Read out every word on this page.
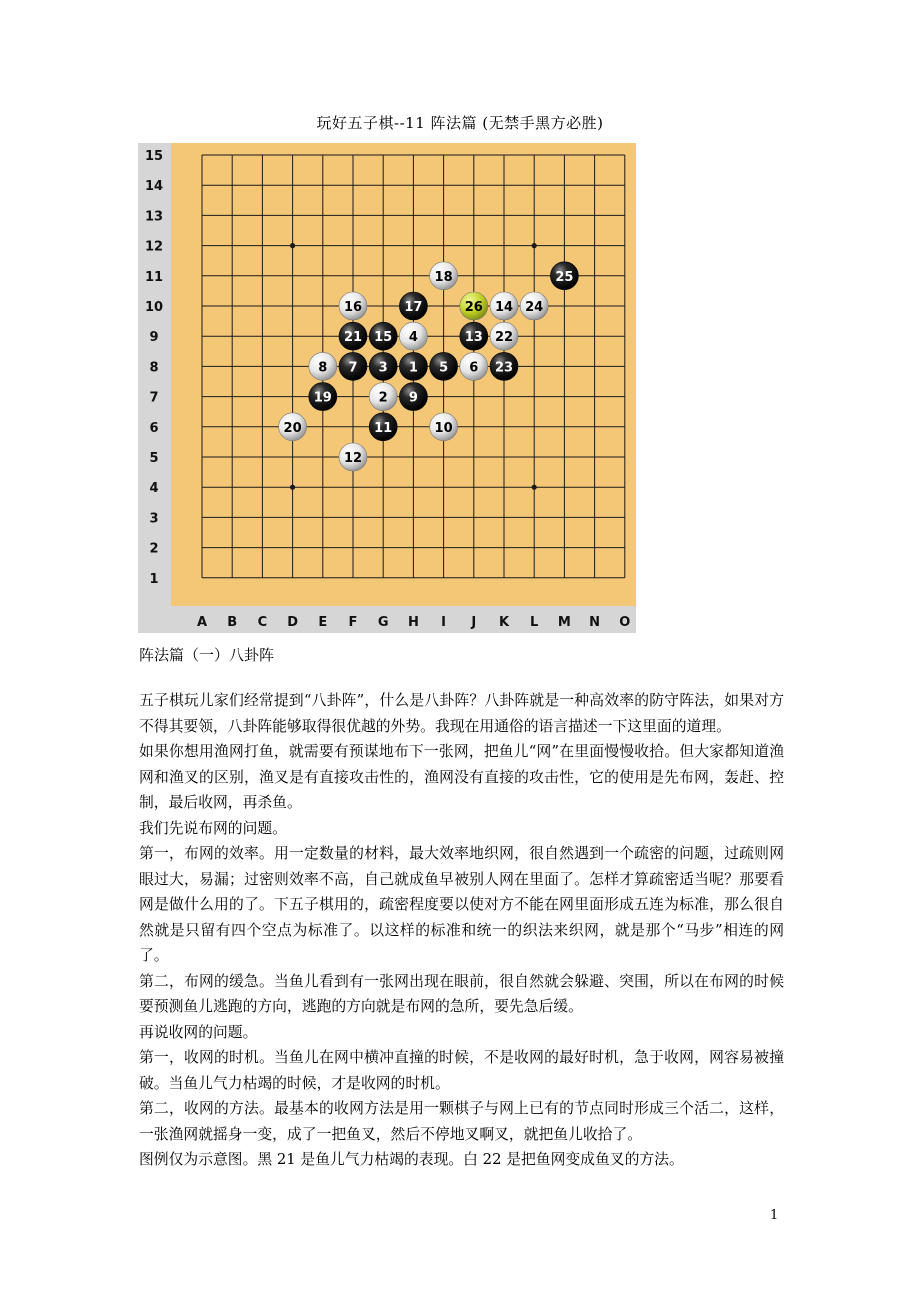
玩好五子棋--11 阵法篇 (无禁手黑方必胜)
15
14
13
12
11
10
9
8
7
6
5
4
3
2
1
A B C D E F G H I J K L M N O
1
2
3
4
5 6
7
8
9
10
11
12
13
14
15
16	17
18
19
20
21	22
23
24
25
26
阵法篇（一）八卦阵

五子棋玩儿家们经常提到“八卦阵”，什么是八卦阵？八卦阵就是一种高效率的防守阵法，如果对方不得其要领，八卦阵能够取得很优越的外势。我现在用通俗的语言描述一下这里面的道理。

如果你想用渔网打鱼，就需要有预谋地布下一张网，把鱼儿“网”在里面慢慢收拾。但大家都知道渔网和渔叉的区别，渔叉是有直接攻击性的，渔网没有直接的攻击性，它的使用是先布网，轰赶、控制，最后收网，再杀鱼。

我们先说布网的问题。

第一，布网的效率。用一定数量的材料，最大效率地织网，很自然遇到一个疏密的问题，过疏则网眼过大，易漏；过密则效率不高，自己就成鱼早被别人网在里面了。怎样才算疏密适当呢？那要看网是做什么用的了。下五子棋用的，疏密程度要以使对方不能在网里面形成五连为标准，那么很自然就是只留有四个空点为标准了。以这样的标准和统一的织法来织网，就是那个“马步”相连的网了。

第二，布网的缓急。当鱼儿看到有一张网出现在眼前，很自然就会躲避、突围，所以在布网的时候要预测鱼儿逃跑的方向，逃跑的方向就是布网的急所，要先急后缓。

再说收网的问题。

第一，收网的时机。当鱼儿在网中横冲直撞的时候，不是收网的最好时机，急于收网，网容易被撞破。当鱼儿气力枯竭的时候，才是收网的时机。

第二，收网的方法。最基本的收网方法是用一颗棋子与网上已有的节点同时形成三个活二，这样，一张渔网就摇身一变，成了一把鱼叉，然后不停地叉啊叉，就把鱼儿收拾了。

图例仅为示意图。黑 21 是鱼儿气力枯竭的表现。白 22 是把鱼网变成鱼叉的方法。

1
